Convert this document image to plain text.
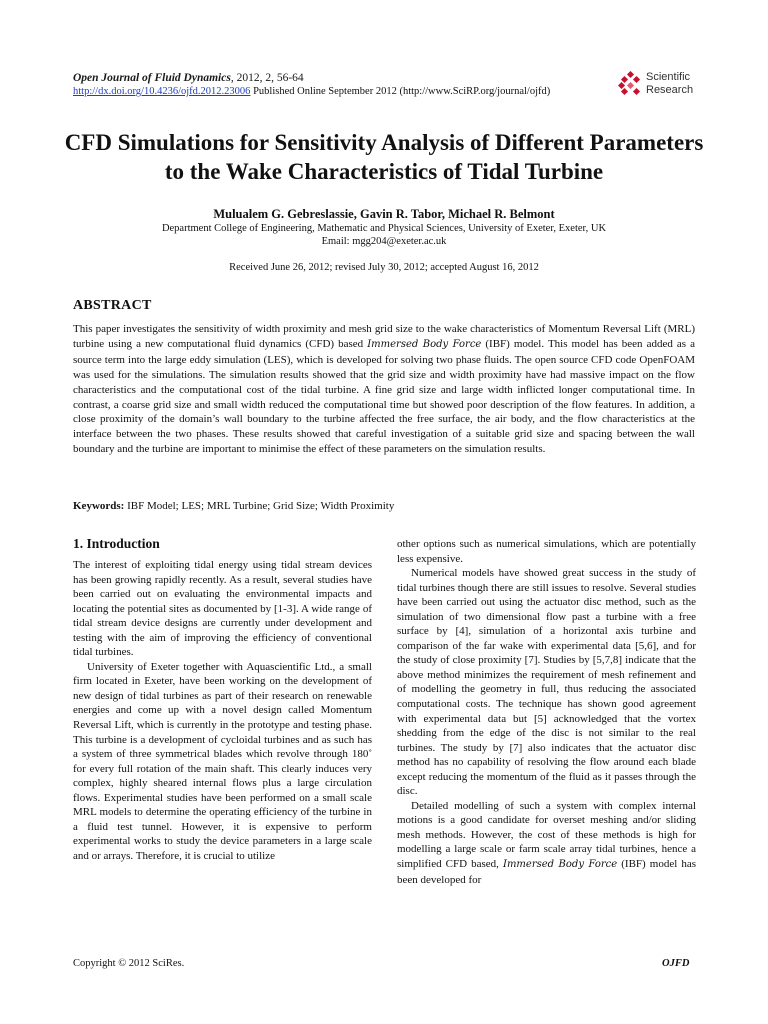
Open Journal of Fluid Dynamics, 2012, 2, 56-64
http://dx.doi.org/10.4236/ojfd.2012.23006 Published Online September 2012 (http://www.SciRP.org/journal/ojfd)
Scientific
Research
CFD Simulations for Sensitivity Analysis of Different Parameters to the Wake Characteristics of Tidal Turbine
Mulualem G. Gebreslassie, Gavin R. Tabor, Michael R. Belmont
Department College of Engineering, Mathematic and Physical Sciences, University of Exeter, Exeter, UK
Email: mgg204@exeter.ac.uk
Received June 26, 2012; revised July 30, 2012; accepted August 16, 2012
ABSTRACT
This paper investigates the sensitivity of width proximity and mesh grid size to the wake characteristics of Momentum Reversal Lift (MRL) turbine using a new computational fluid dynamics (CFD) based Immersed Body Force (IBF) model. This model has been added as a source term into the large eddy simulation (LES), which is developed for solving two phase fluids. The open source CFD code OpenFOAM was used for the simulations. The simulation results showed that the grid size and width proximity have had massive impact on the flow characteristics and the computational cost of the tidal turbine. A fine grid size and large width inflicted longer computational time. In contrast, a coarse grid size and small width reduced the computational time but showed poor description of the flow features. In addition, a close proximity of the domain’s wall boundary to the turbine affected the free surface, the air body, and the flow characteristics at the interface between the two phases. These results showed that careful investigation of a suitable grid size and spacing between the wall boundary and the turbine are important to minimise the effect of these parameters on the simulation results.
Keywords: IBF Model; LES; MRL Turbine; Grid Size; Width Proximity
1. Introduction

The interest of exploiting tidal energy using tidal stream devices has been growing rapidly recently. As a result, several studies have been carried out on evaluating the environmental impacts and locating the potential sites as documented by [1-3]. A wide range of tidal stream device designs are currently under development and testing with the aim of improving the efficiency of conventional tidal turbines.

University of Exeter together with Aquascientific Ltd., a small firm located in Exeter, have been working on the development of new design of tidal turbines as part of their research on renewable energies and come up with a novel design called Momentum Reversal Lift, which is currently in the prototype and testing phase. This turbine is a development of cycloidal turbines and as such has a system of three symmetrical blades which revolve through 180˚ for every full rotation of the main shaft. This clearly induces very complex, highly sheared internal flows plus a large circulation flows. Experimental studies have been performed on a small scale MRL models to determine the operating efficiency of the turbine in a fluid test tunnel. However, it is expensive to perform experimental works to study the device parameters in a large scale and or arrays. Therefore, it is crucial to utilize

other options such as numerical simulations, which are potentially less expensive.

Numerical models have showed great success in the study of tidal turbines though there are still issues to resolve. Several studies have been carried out using the actuator disc method, such as the simulation of two dimensional flow past a turbine with a free surface by [4], simulation of a horizontal axis turbine and comparison of the far wake with experimental data [5,6], and for the study of close proximity [7]. Studies by [5,7,8] indicate that the above method minimizes the requirement of mesh refinement and of modelling the geometry in full, thus reducing the associated computational costs. The technique has shown good agreement with experimental data but [5] acknowledged that the vortex shedding from the edge of the disc is not similar to the real turbines. The study by [7] also indicates that the actuator disc method has no capability of resolving the flow around each blade except reducing the momentum of the fluid as it passes through the disc.

Detailed modelling of such a system with complex internal motions is a good candidate for overset meshing and/or sliding mesh methods. However, the cost of these methods is high for modelling a large scale or farm scale array tidal turbines, hence a simplified CFD based, Immersed Body Force (IBF) model has been developed for

Copyright © 2012 SciRes.	OJFD
